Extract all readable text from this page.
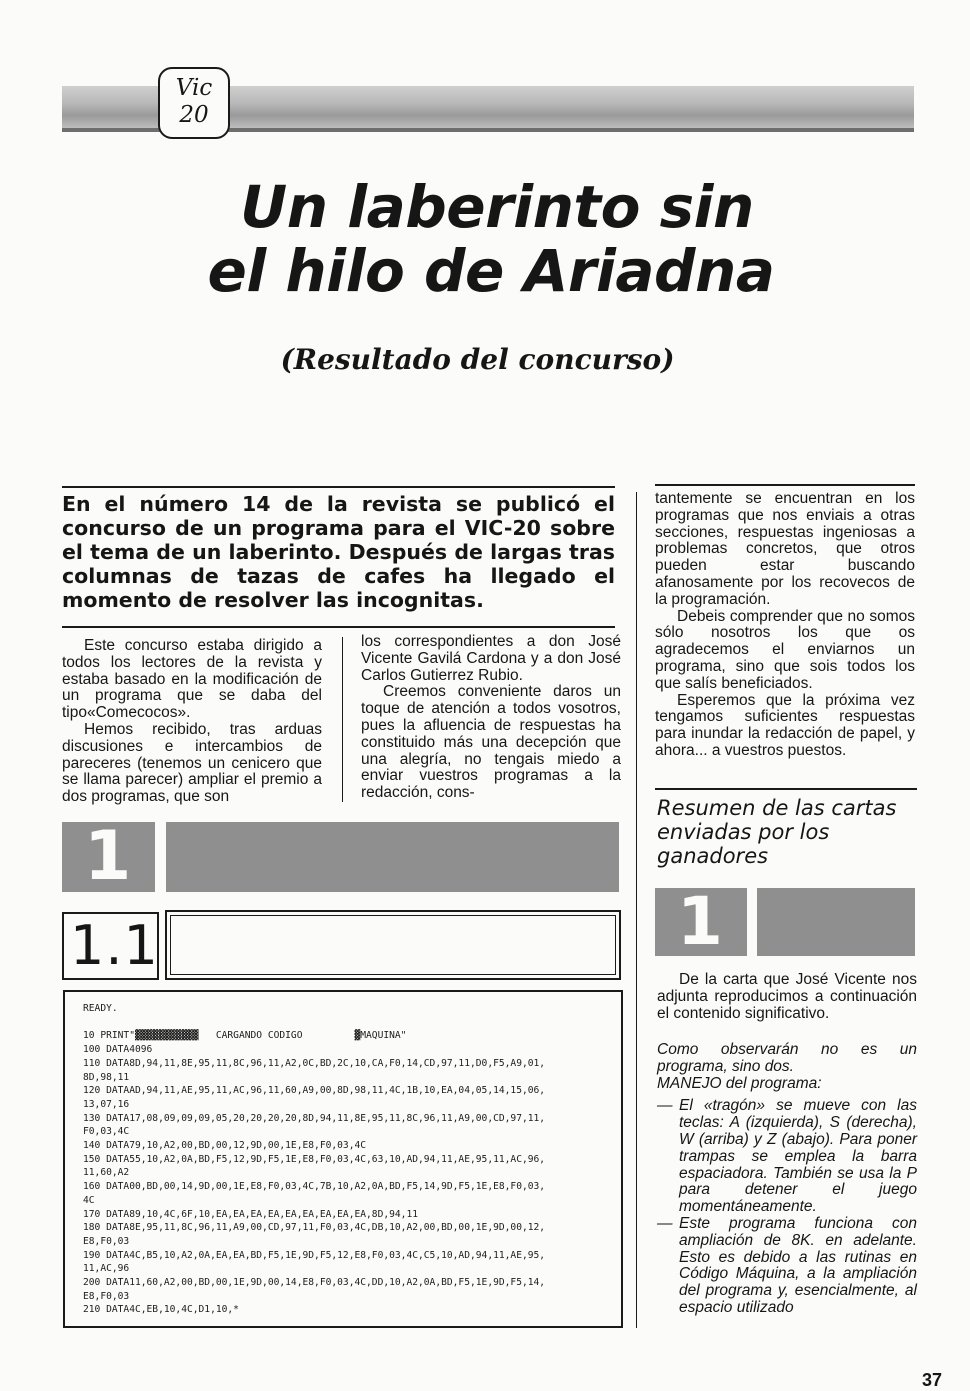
Vic
20
Un laberinto sin
el hilo de Ariadna
(Resultado del concurso)
En el número 14 de la revista se publicó el concurso de un programa para el VIC-20 sobre el tema de un laberinto. Después de largas tras columnas de tazas de cafes ha llegado el momento de resolver las incognitas.

Este concurso estaba dirigido a todos los lectores de la revista y estaba basado en la modificación de un programa que se daba del tipo«Comecocos».

Hemos recibido, tras arduas discusiones e intercambios de pareceres (tenemos un cenicero que se llama parecer) ampliar el premio a dos programas, que son

los correspondientes a don José Vicente Gavilá Cardona y a don José Carlos Gutierrez Rubio.

Creemos conveniente daros un toque de atención a todos vosotros, pues la afluencia de respuestas ha constituido más una decepción que una alegría, no tengais miedo a enviar vuestros programas a la redacción, cons-

tantemente se encuentran en los programas que nos enviais a otras secciones, respuestas ingeniosas a problemas concretos, que otros pueden estar buscando afanosamente por los recovecos de la programación.

Debeis comprender que no somos sólo nosotros los que os agradecemos el enviarnos un programa, sino que sois todos los que salís beneficiados.

Esperemos que la próxima vez tengamos suficientes respuestas para inundar la redacción de papel, y ahora... a vuestros puestos.

1
1.1
READY.

10 PRINT"▓▓▓▓▓▓▓▓▓▓▓   CARGANDO CODIGO         ▓MAQUINA"
100 DATA4096
110 DATA8D,94,11,8E,95,11,8C,96,11,A2,0C,BD,2C,10,CA,F0,14,CD,97,11,D0,F5,A9,01,
8D,98,11
120 DATAAD,94,11,AE,95,11,AC,96,11,60,A9,00,8D,98,11,4C,1B,10,EA,04,05,14,15,06,
13,07,16
130 DATA17,08,09,09,09,05,20,20,20,20,8D,94,11,8E,95,11,8C,96,11,A9,00,CD,97,11,
F0,03,4C
140 DATA79,10,A2,00,BD,00,12,9D,00,1E,E8,F0,03,4C
150 DATA55,10,A2,0A,BD,F5,12,9D,F5,1E,E8,F0,03,4C,63,10,AD,94,11,AE,95,11,AC,96,
11,60,A2
160 DATA00,BD,00,14,9D,00,1E,E8,F0,03,4C,7B,10,A2,0A,BD,F5,14,9D,F5,1E,E8,F0,03,
4C
170 DATA89,10,4C,6F,10,EA,EA,EA,EA,EA,EA,EA,EA,EA,8D,94,11
180 DATA8E,95,11,8C,96,11,A9,00,CD,97,11,F0,03,4C,DB,10,A2,00,BD,00,1E,9D,00,12,
E8,F0,03
190 DATA4C,B5,10,A2,0A,EA,EA,BD,F5,1E,9D,F5,12,E8,F0,03,4C,C5,10,AD,94,11,AE,95,
11,AC,96
200 DATA11,60,A2,00,BD,00,1E,9D,00,14,E8,F0,03,4C,DD,10,A2,0A,BD,F5,1E,9D,F5,14,
E8,F0,03
210 DATA4C,EB,10,4C,D1,10,*
Resumen de las cartas enviadas por los ganadores
1

De la carta que José Vicente nos adjunta reproducimos a continuación el contenido significativo.

Como observarán no es un programa, sino dos.

MANEJO del programa:

— El «tragón» se mueve con las teclas: A (izquierda), S (derecha), W (arriba) y Z (abajo). Para poner trampas se emplea la barra espaciadora. También se usa la P para detener el juego momentáneamente.
— Este programa funciona con ampliación de 8K. en adelante. Esto es debido a las rutinas en Código Máquina, a la ampliación del programa y, esencialmente, al espacio utilizado
37
